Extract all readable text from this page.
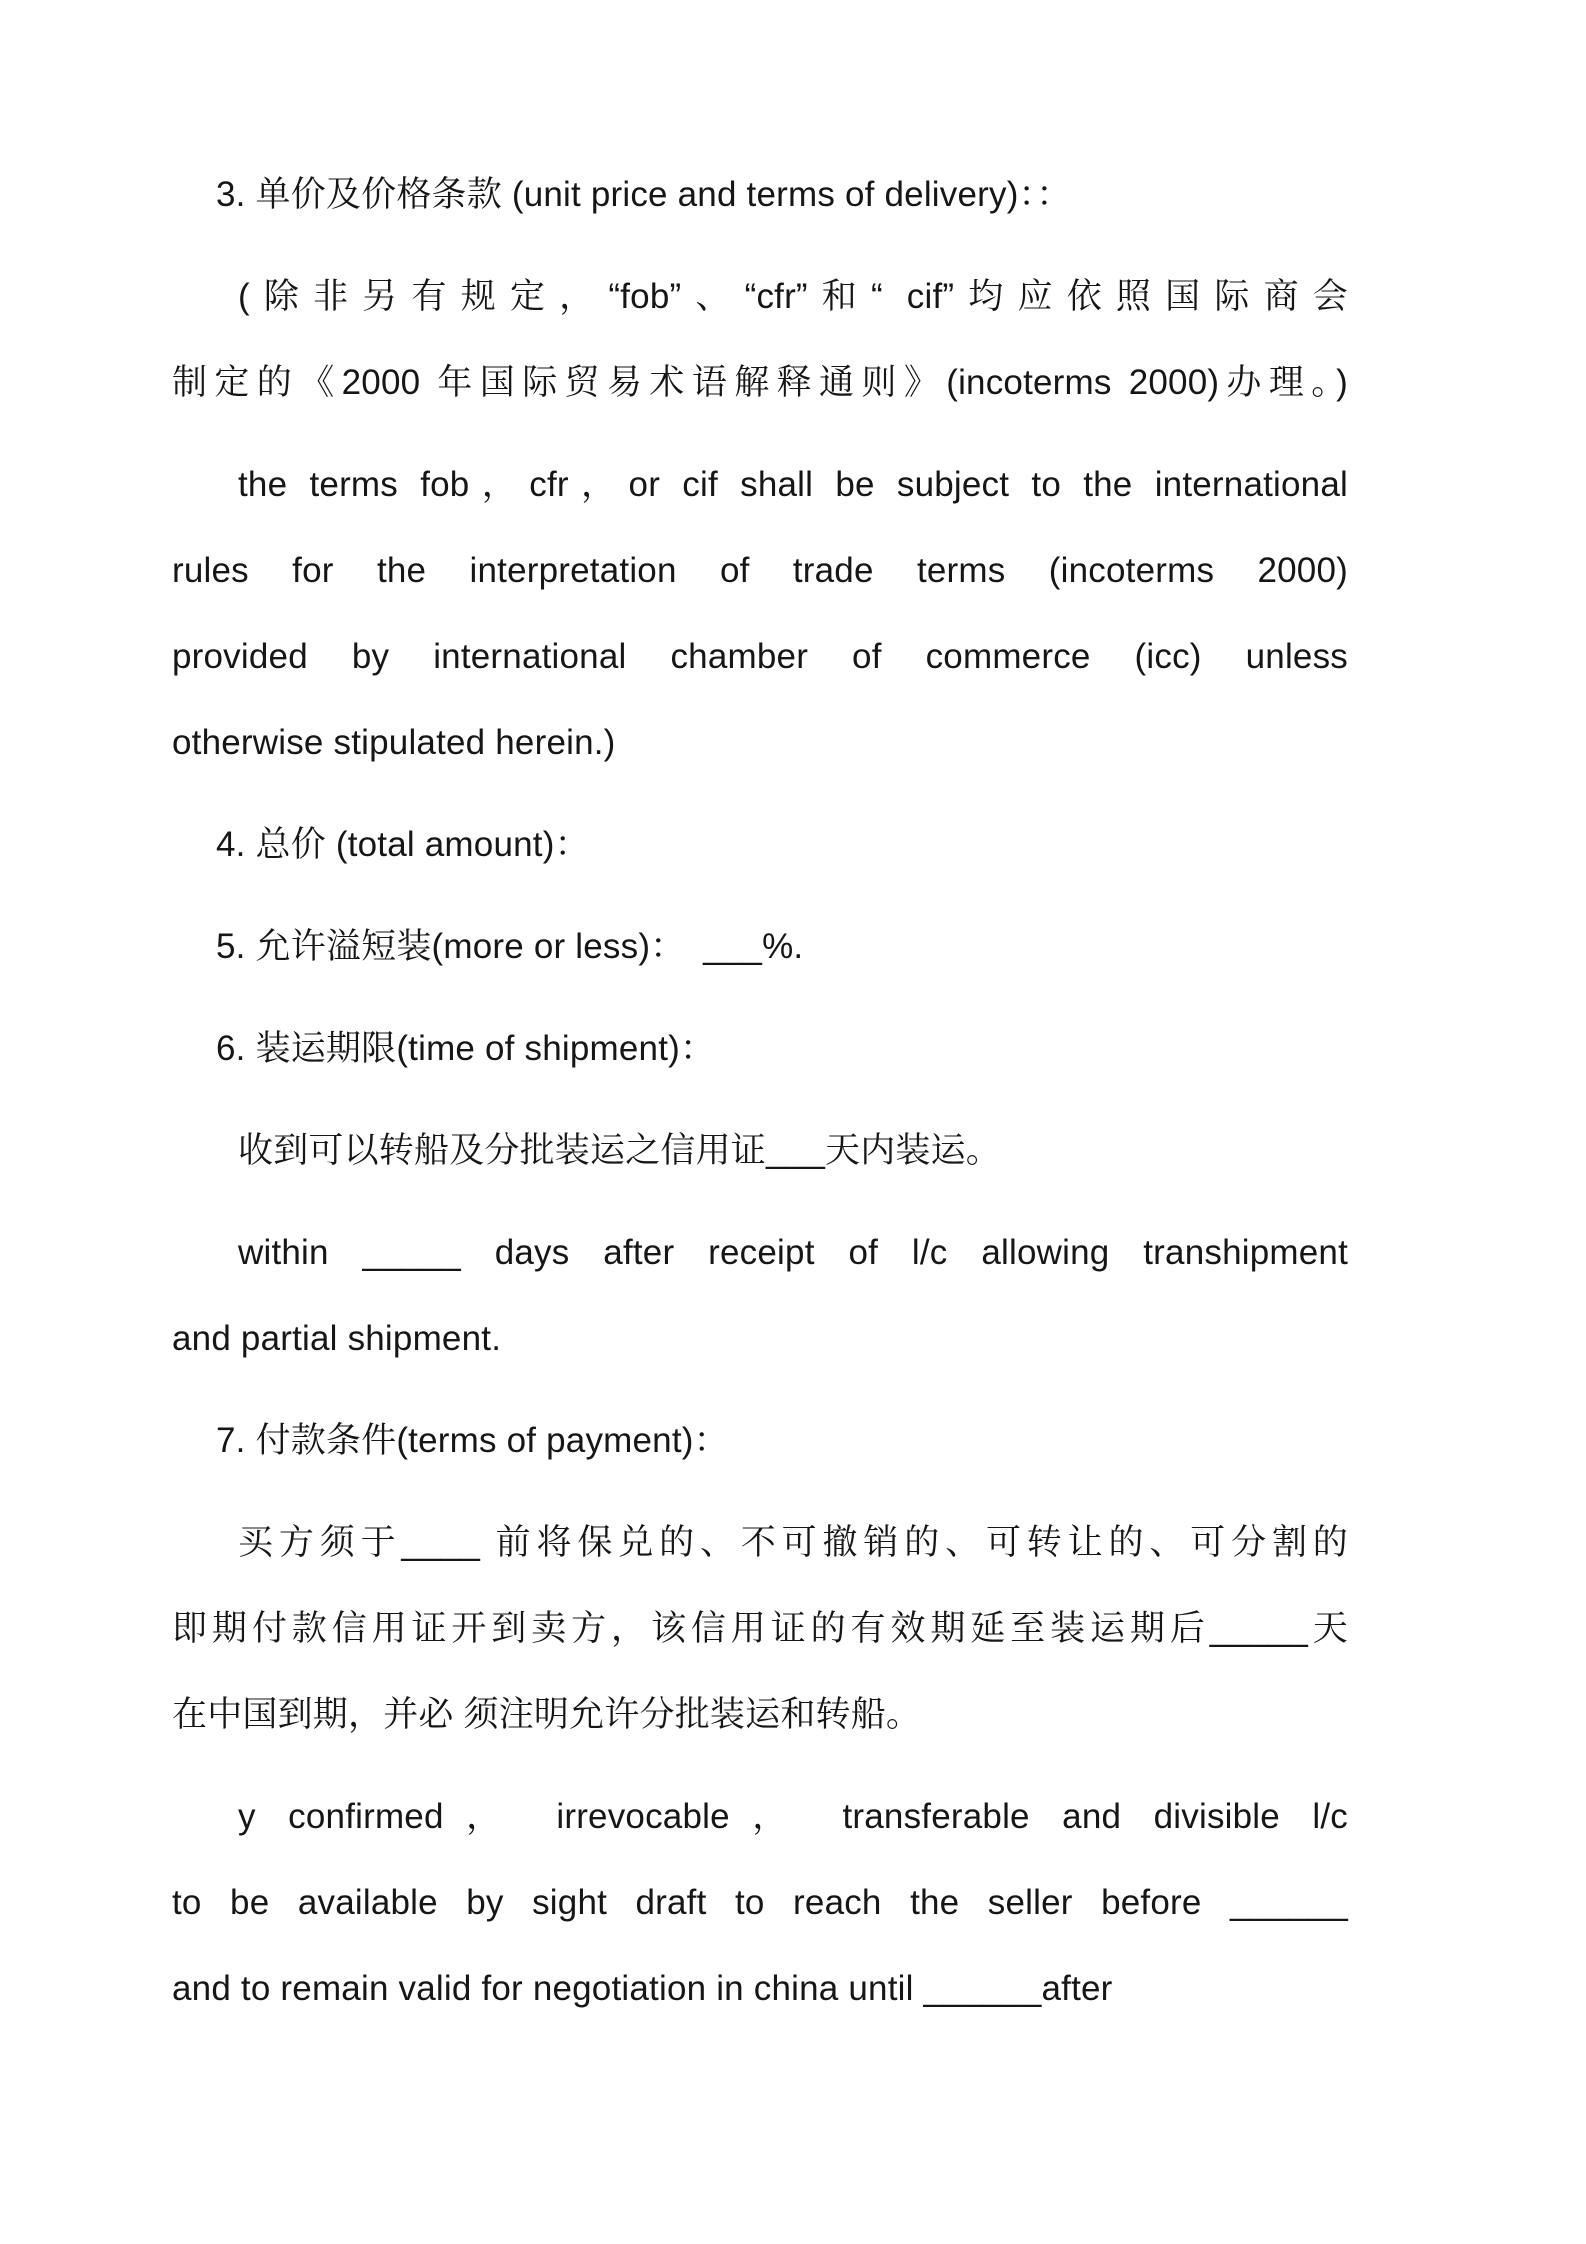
3. 单价及价格条款 (unit price and terms of delivery)：：

(除非另有规定，“fob”、“cfr”和“ cif”均应依照国际商会
制定的《2000 年国际贸易术语解释通则》(incoterms 2000)办理。)

the terms fob，cfr，or cif shall be subject to the international
rules for the interpretation of trade terms (incoterms 2000)
provided by international chamber of commerce (icc) unless
otherwise stipulated herein.)

4. 总价 (total amount)：

5. 允许溢短装(more or less)：　___%.

6. 装运期限(time of shipment)：

收到可以转船及分批装运之信用证___天内装运。

within _____ days after receipt of l/c allowing transhipment
and partial shipment.

7. 付款条件(terms of payment)：

买方须于____ 前将保兑的、不可撤销的、可转让的、可分割的
即期付款信用证开到卖方，该信用证的有效期延至装运期后_____天
在中国到期，并必 须注明允许分批装运和转船。

y confirmed， irrevocable， transferable and divisible l/c
to be available by sight draft to reach the seller before ______
and to remain valid for negotiation in china until ______after
